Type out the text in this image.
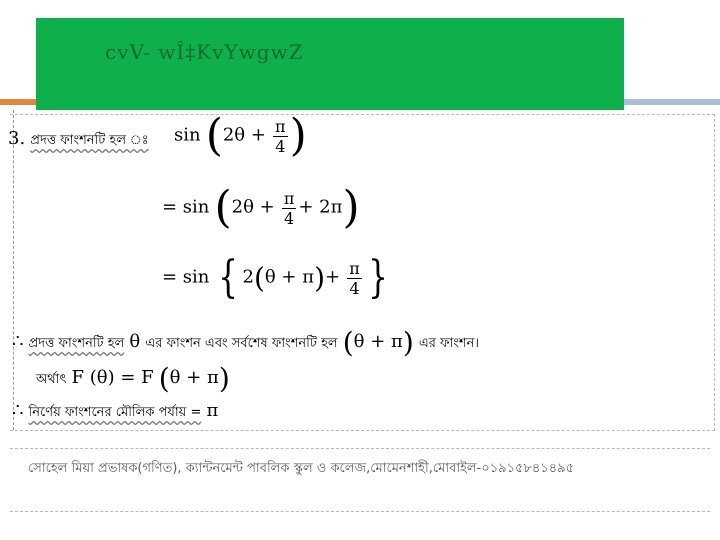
cvV- wÎ‡KvYwgwZ
3. প্রদত্ত ফাংশনটি হল ঃ $\sin (2\theta + \frac{\pi}{4}$ )
= $\sin (2\theta + \frac{\pi}{4} + 2\pi)$
= sin { $2(\theta + \pi)+ \frac{\pi}{4}$ }
∴ প্রদত্ত ফাংশনটি হল θ এর ফাংশন এবং সর্বশেষ ফাংশনটি হল (θ + π) এর ফাংশন।
অর্থাৎ F (θ) = F (θ + π)
∴ নির্ণেয় ফাংশনের মৌলিক পর্যায় = π
সোহেল মিয়া প্রভাষক(গণিত), ক্যান্টনমেন্ট পাবলিক স্কুল ও কলেজ,মোমেনশাহী,মোবাইল-০১৯১৫৮৪১৪৯৫
